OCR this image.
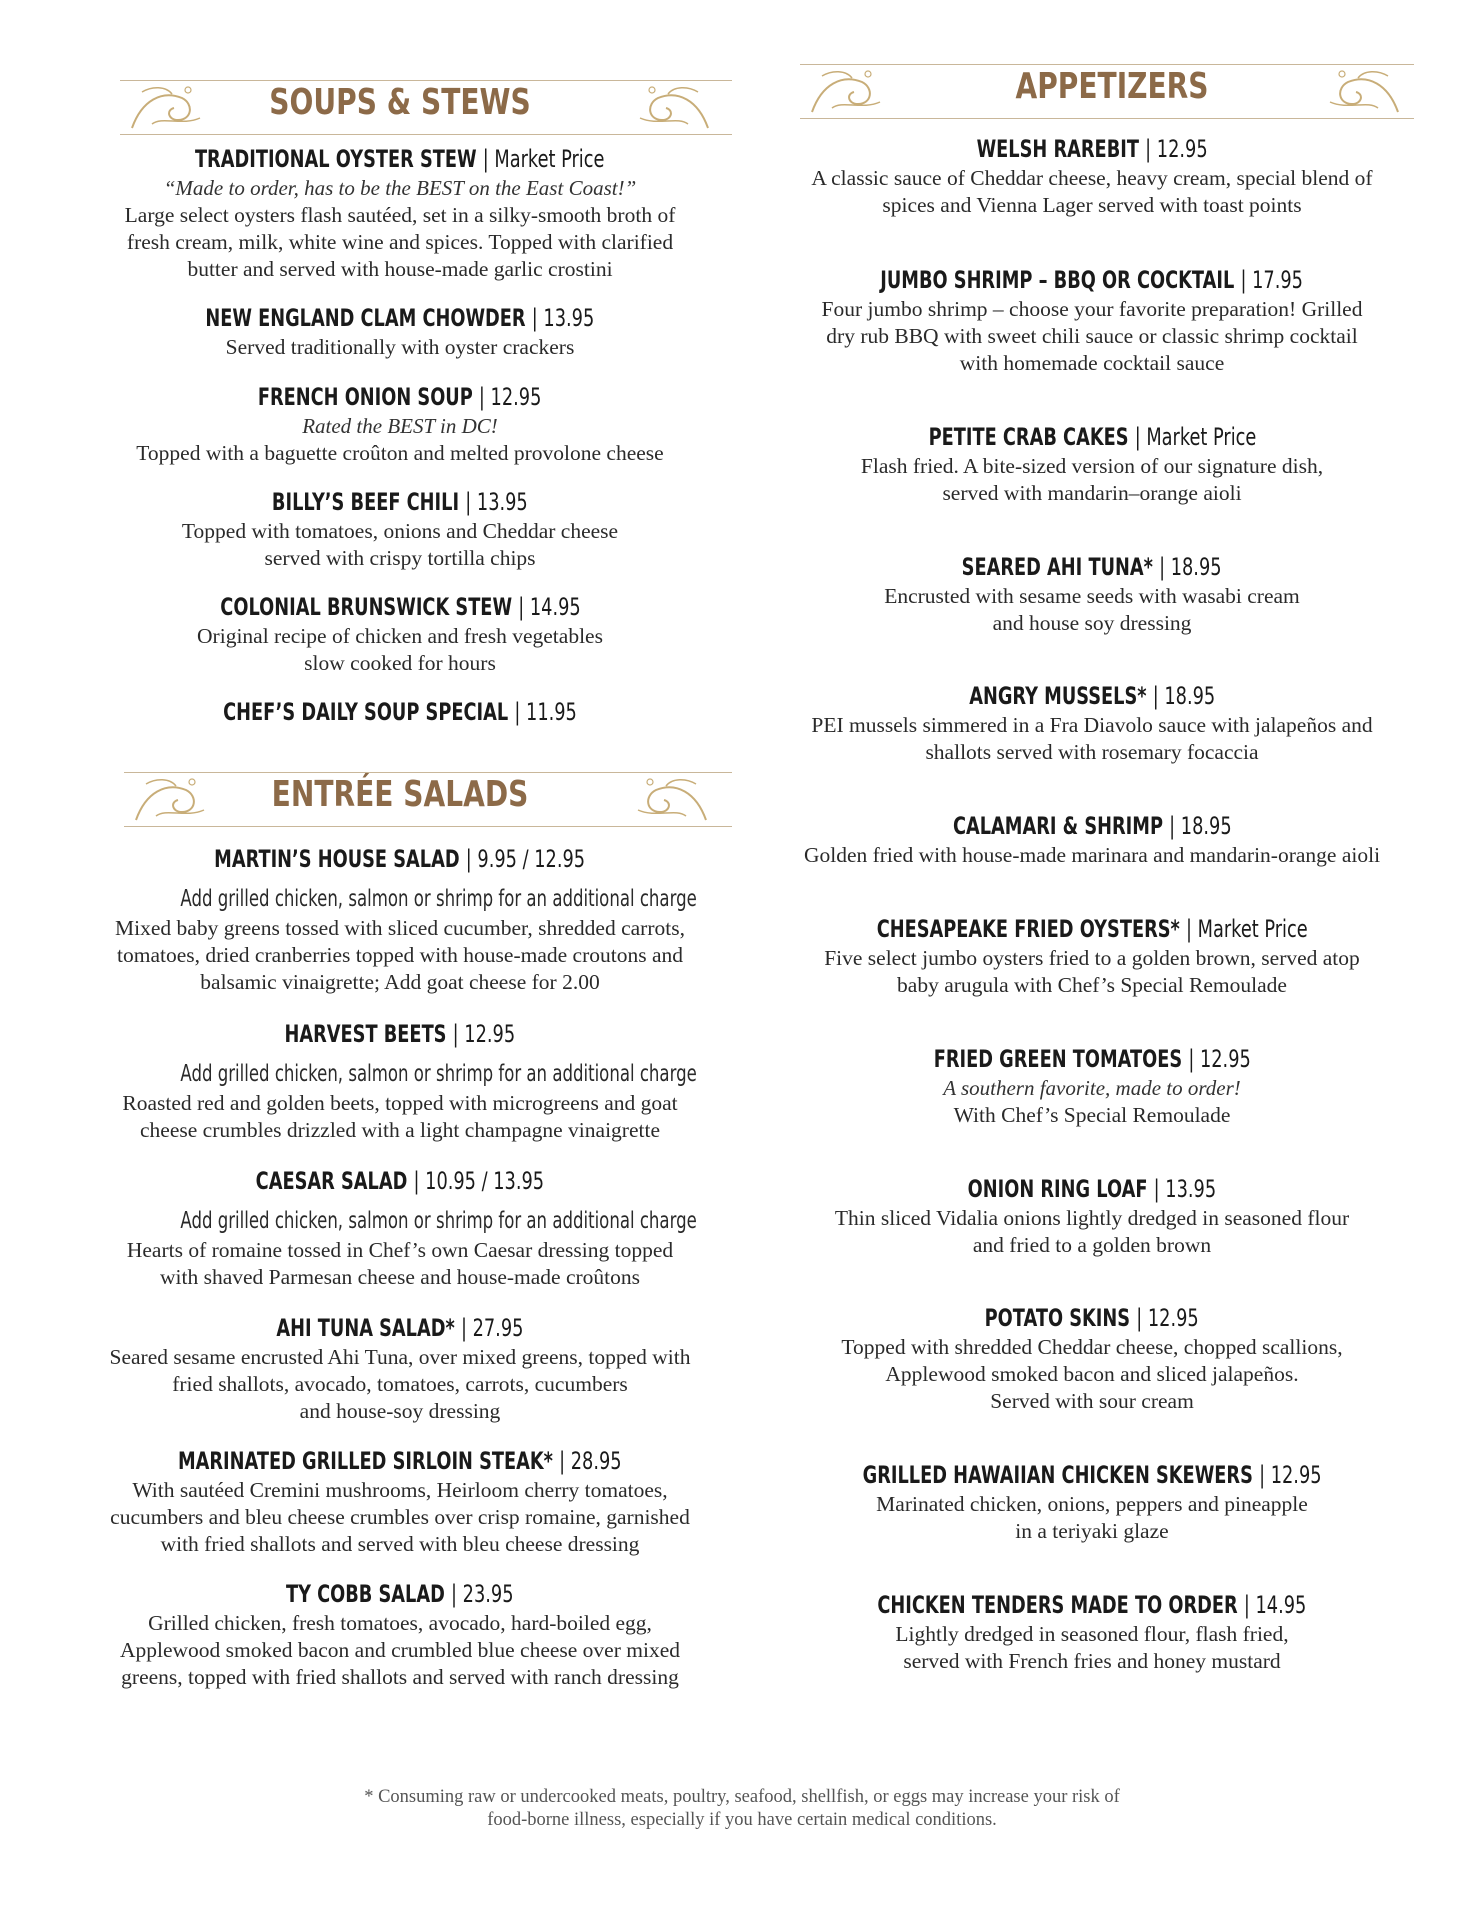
SOUPS & STEWS
TRADITIONAL OYSTER STEW | Market Price
“Made to order, has to be the BEST on the East Coast!”
Large select oysters flash sautéed, set in a silky-smooth broth of
fresh cream, milk, white wine and spices. Topped with clarified
butter and served with house-made garlic crostini
NEW ENGLAND CLAM CHOWDER | 13.95
Served traditionally with oyster crackers
FRENCH ONION SOUP | 12.95
Rated the BEST in DC!
Topped with a baguette croûton and melted provolone cheese
BILLY’S BEEF CHILI | 13.95
Topped with tomatoes, onions and Cheddar cheese
served with crispy tortilla chips
COLONIAL BRUNSWICK STEW | 14.95
Original recipe of chicken and fresh vegetables
slow cooked for hours
CHEF’S DAILY SOUP SPECIAL | 11.95
ENTRÉE SALADS
MARTIN’S HOUSE SALAD | 9.95 / 12.95
Add grilled chicken, salmon or shrimp for an additional charge
Mixed baby greens tossed with sliced cucumber, shredded carrots,
tomatoes, dried cranberries topped with house-made croutons and
balsamic vinaigrette; Add goat cheese for 2.00
HARVEST BEETS | 12.95
Add grilled chicken, salmon or shrimp for an additional charge
Roasted red and golden beets, topped with microgreens and goat
cheese crumbles drizzled with a light champagne vinaigrette
CAESAR SALAD | 10.95 / 13.95
Add grilled chicken, salmon or shrimp for an additional charge
Hearts of romaine tossed in Chef’s own Caesar dressing topped
with shaved Parmesan cheese and house-made croûtons
AHI TUNA SALAD* | 27.95
Seared sesame encrusted Ahi Tuna, over mixed greens, topped with
fried shallots, avocado, tomatoes, carrots, cucumbers
and house-soy dressing
MARINATED GRILLED SIRLOIN STEAK* | 28.95
With sautéed Cremini mushrooms, Heirloom cherry tomatoes,
cucumbers and bleu cheese crumbles over crisp romaine, garnished
with fried shallots and served with bleu cheese dressing
TY COBB SALAD | 23.95
Grilled chicken, fresh tomatoes, avocado, hard-boiled egg,
Applewood smoked bacon and crumbled blue cheese over mixed
greens, topped with fried shallots and served with ranch dressing
APPETIZERS
WELSH RAREBIT | 12.95
A classic sauce of Cheddar cheese, heavy cream, special blend of
spices and Vienna Lager served with toast points
JUMBO SHRIMP – BBQ OR COCKTAIL | 17.95
Four jumbo shrimp – choose your favorite preparation! Grilled
dry rub BBQ with sweet chili sauce or classic shrimp cocktail
with homemade cocktail sauce
PETITE CRAB CAKES | Market Price
Flash fried. A bite-sized version of our signature dish,
served with mandarin–orange aioli
SEARED AHI TUNA* | 18.95
Encrusted with sesame seeds with wasabi cream
and house soy dressing
ANGRY MUSSELS* | 18.95
PEI mussels simmered in a Fra Diavolo sauce with jalapeños and
shallots served with rosemary focaccia
CALAMARI & SHRIMP | 18.95
Golden fried with house-made marinara and mandarin-orange aioli
CHESAPEAKE FRIED OYSTERS* | Market Price
Five select jumbo oysters fried to a golden brown, served atop
baby arugula with Chef’s Special Remoulade
FRIED GREEN TOMATOES | 12.95
A southern favorite, made to order!
With Chef’s Special Remoulade
ONION RING LOAF | 13.95
Thin sliced Vidalia onions lightly dredged in seasoned flour
and fried to a golden brown
POTATO SKINS | 12.95
Topped with shredded Cheddar cheese, chopped scallions,
Applewood smoked bacon and sliced jalapeños.
Served with sour cream
GRILLED HAWAIIAN CHICKEN SKEWERS | 12.95
Marinated chicken, onions, peppers and pineapple
in a teriyaki glaze
CHICKEN TENDERS MADE TO ORDER | 14.95
Lightly dredged in seasoned flour, flash fried,
served with French fries and honey mustard
* Consuming raw or undercooked meats, poultry, seafood, shellfish, or eggs may increase your risk of
food-borne illness, especially if you have certain medical conditions.
